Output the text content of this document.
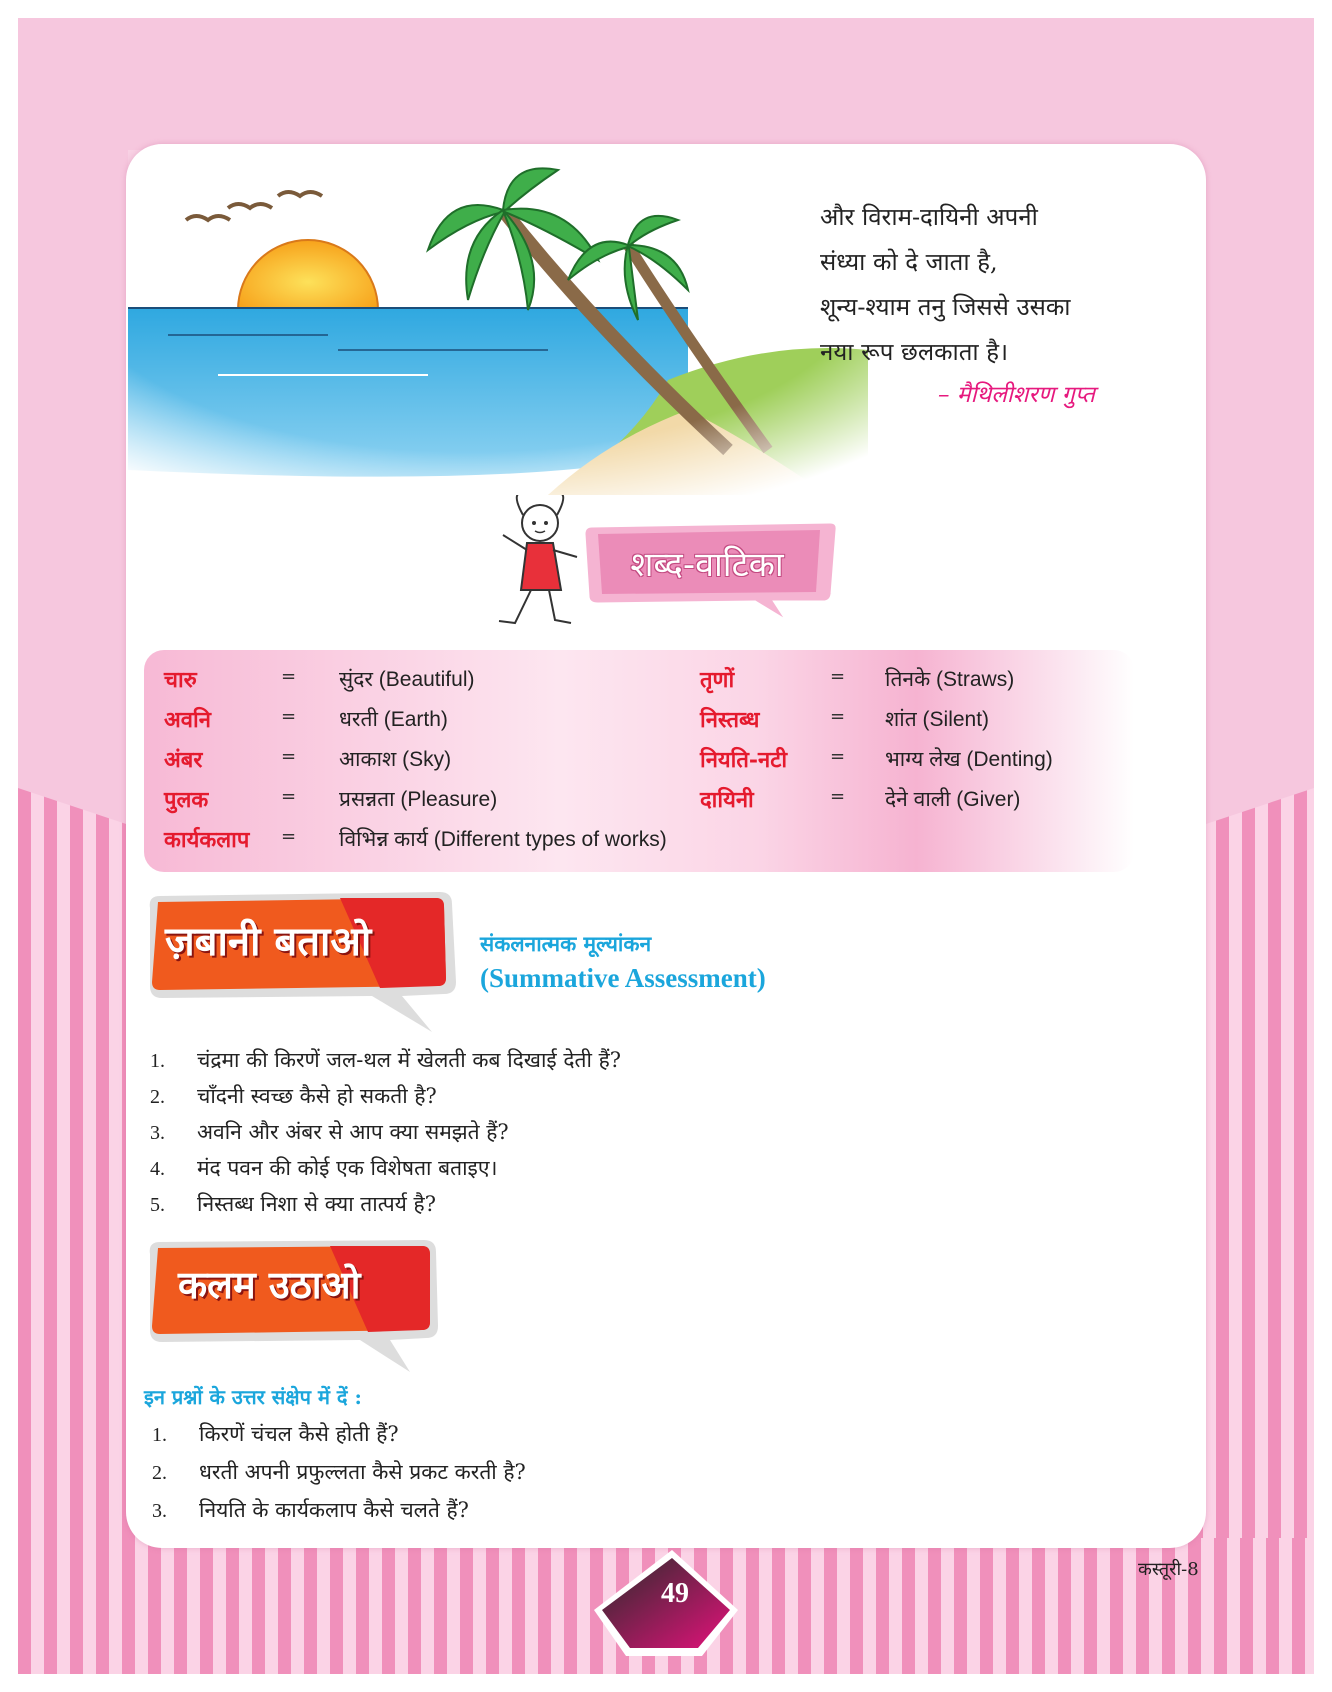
और विराम-दायिनी अपनी
संध्या को दे जाता है,
शून्य-श्याम तनु जिससे उसका
नया रूप छलकाता है।
– मैथिलीशरण गुप्त
शब्द-वाटिका
चारु	= सुंदर (Beautiful)
अवनि	= धरती (Earth)
अंबर	= आकाश (Sky)
पुलक	= प्रसन्नता (Pleasure)
कार्यकलाप = विभिन्न कार्य (Different types of works)
तृणों	= तिनके (Straws)
निस्तब्ध	= शांत (Silent)
नियति-नटी = भाग्य लेख (Denting)
दायिनी	= देने वाली (Giver)
ज़बानी बताओ	संकलनात्मक मूल्यांकन
(Summative Assessment)
1. चंद्रमा की किरणें जल-थल में खेलती कब दिखाई देती हैं?
2. चाँदनी स्वच्छ कैसे हो सकती है?
3. अवनि और अंबर से आप क्या समझते हैं?
4. मंद पवन की कोई एक विशेषता बताइए।
5. निस्तब्ध निशा से क्या तात्पर्य है?
कलम उठाओ
इन प्रश्नों के उत्तर संक्षेप में दें :
1. किरणें चंचल कैसे होती हैं?
2. धरती अपनी प्रफुल्लता कैसे प्रकट करती है?
3. नियति के कार्यकलाप कैसे चलते हैं?
49
कस्तूरी-8
